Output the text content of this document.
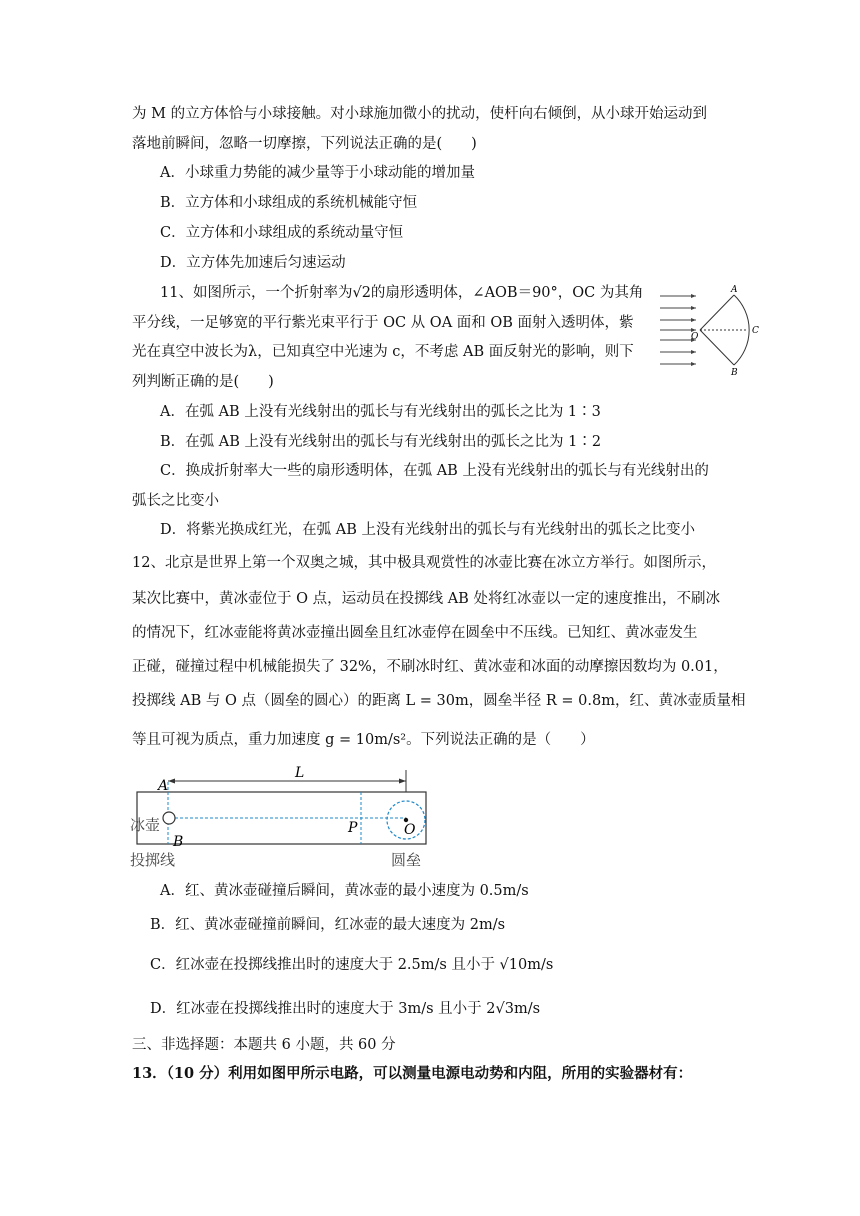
为 M 的立方体恰与小球接触。对小球施加微小的扰动，使杆向右倾倒，从小球开始运动到
落地前瞬间，忽略一切摩擦，下列说法正确的是(　　)
A．小球重力势能的减少量等于小球动能的增加量
B．立方体和小球组成的系统机械能守恒
C．立方体和小球组成的系统动量守恒
D．立方体先加速后匀速运动
11、如图所示，一个折射率为√2的扇形透明体，∠AOB＝90°，OC 为其角
平分线，一足够宽的平行紫光束平行于 OC 从 OA 面和 OB 面射入透明体，紫
光在真空中波长为λ，已知真空中光速为 c，不考虑 AB 面反射光的影响，则下
列判断正确的是(　　)
A
B
C
O
A．在弧 AB 上没有光线射出的弧长与有光线射出的弧长之比为 1∶3
B．在弧 AB 上没有光线射出的弧长与有光线射出的弧长之比为 1∶2
C．换成折射率大一些的扇形透明体，在弧 AB 上没有光线射出的弧长与有光线射出的
弧长之比变小
D．将紫光换成红光，在弧 AB 上没有光线射出的弧长与有光线射出的弧长之比变小
12、北京是世界上第一个双奥之城，其中极具观赏性的冰壶比赛在冰立方举行。如图所示，
某次比赛中，黄冰壶位于 O 点，运动员在投掷线 AB 处将红冰壶以一定的速度推出，不刷冰
的情况下，红冰壶能将黄冰壶撞出圆垒且红冰壶停在圆垒中不压线。已知红、黄冰壶发生
正碰，碰撞过程中机械能损失了 32%，不刷冰时红、黄冰壶和冰面的动摩擦因数均为 0.01，
投掷线 AB 与 O 点（圆垒的圆心）的距离 L = 30m，圆垒半径 R = 0.8m，红、黄冰壶质量相
等且可视为质点，重力加速度 g = 10m/s²。下列说法正确的是（　　）
A
B
L
P	O
冰壶
投掷线	圆垒
A．红、黄冰壶碰撞后瞬间，黄冰壶的最小速度为 0.5m/s
B．红、黄冰壶碰撞前瞬间，红冰壶的最大速度为 2m/s
C．红冰壶在投掷线推出时的速度大于 2.5m/s 且小于 √10m/s
D．红冰壶在投掷线推出时的速度大于 3m/s 且小于 2√3m/s
三、非选择题：本题共 6 小题，共 60 分
13．（10 分）利用如图甲所示电路，可以测量电源电动势和内阻，所用的实验器材有：
